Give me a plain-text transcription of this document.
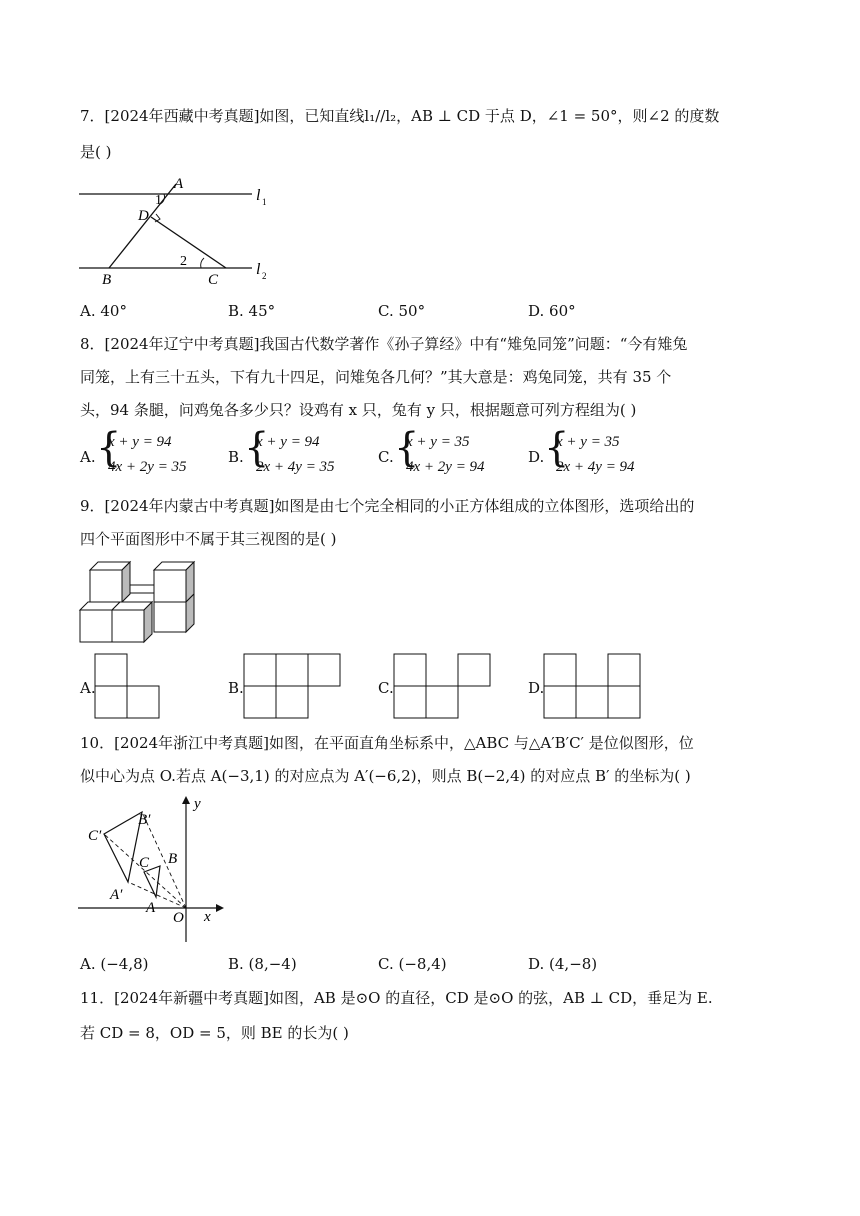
7．[2024年西藏中考真题]如图，已知直线l₁//l₂，AB ⊥ CD 于点 D，∠1 = 50°，则∠2 的度数
是( )
A
1
D
2
B	C
l 1
l 2
A. 40°	B. 45°	C. 50°	D. 60°
8．[2024年辽宁中考真题]我国古代数学著作《孙子算经》中有“雉兔同笼”问题：“今有雉兔
同笼，上有三十五头，下有九十四足，问雉兔各几何？”其大意是：鸡兔同笼，共有 35 个
头，94 条腿，问鸡兔各多少只？设鸡有 x 只，兔有 y 只，根据题意可列方程组为( )
A. {
x + y = 94
4x + 2y = 35
B. {
x + y = 94
2x + 4y = 35
C. {
x + y = 35
4x + 2y = 94
D. {
x + y = 35
2x + 4y = 94
9．[2024年内蒙古中考真题]如图是由七个完全相同的小正方体组成的立体图形，选项给出的
四个平面图形中不属于其三视图的是( )
A.	B.	C.	D.
10．[2024年浙江中考真题]如图，在平面直角坐标系中，△ABC 与△A′B′C′ 是位似图形，位
似中心为点 O.若点 A(−3,1) 的对应点为 A′(−6,2)，则点 B(−2,4) 的对应点 B′ 的坐标为( )
y
x
O
B′
C′
C B
A′
A
A. (−4,8)	B. (8,−4)	C. (−8,4)	D. (4,−8)
11．[2024年新疆中考真题]如图，AB 是⊙O 的直径，CD 是⊙O 的弦，AB ⊥ CD，垂足为 E.
若 CD = 8，OD = 5，则 BE 的长为( )
